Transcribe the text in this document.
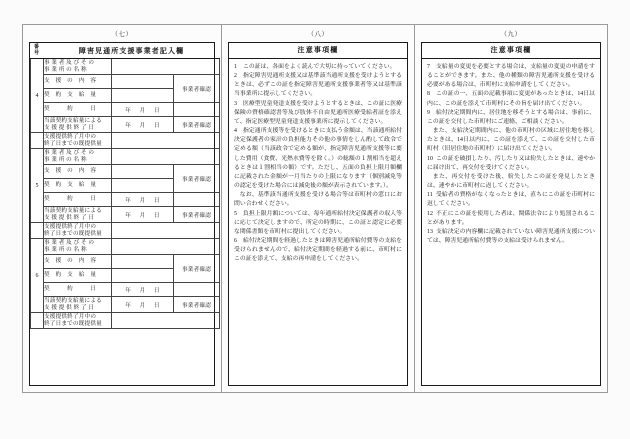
（七）
番
号	障害児通所支援事業者記入欄		
4	事 業 者 及 び そ の
事 業 所 の 名 称		
	支　援　の　内　容		事業者確認
	契　約　支　給　量		
	契　　　約　　　日	年 月 日	

	当該契約支給量による
支 援 提 供 終 了 日	年 月 日	事業者確認
	支援提供終了月中の
終了日までの既提供量		
5	事 業 者 及 び そ の
事 業 所 の 名 称		
	支　援　の　内　容		事業者確認
	契　約　支　給　量		
	契　　　約　　　日	年 月 日	

	当該契約支給量による
支 援 提 供 終 了 日	年 月 日	事業者確認
	支援提供終了月中の
終了日までの既提供量		
6	事 業 者 及 び そ の
事 業 所 の 名 称		
	支　援　の　内　容		事業者確認
	契　約　支　給　量		
	契　　　約　　　日	年 月 日	

	当該契約支給量による
支 援 提 供 終 了 日	年 月 日	事業者確認
	支援提供終了月中の
終了日までの既提供量		
（八）
注意事項欄
1 この証は、各面をよく読んで大切に持っていてください。
2 指定障害児通所支援又は基準該当通所支援を受けようとするときは、必ずこの証を指定障害児通所支援事業者等又は基準該当事業所に提示してください。
3 医療型児童発達支援を受けようとするときは、この証に医療保険の資格確認書等及び肢体不自由児通所医療受給者証を添えて、指定医療型児童発達支援事業所に提示してください。
4 指定通所支援等を受けるときに支払う金額は、当該通所給付決定保護者の家計の負担能力その他の事情をしん酌して政令で定める額（当該政令で定める額が、指定障害児通所支援等に要した費用（食費、光熱水費等を除く。）の総額の１割相当を超えるときは１割相当の額）です。ただし、五面の負担上限月額欄に記載された金額が一月当たりの上限になります（個別減免等の認定を受けた場合には減免後の額が表示されています。）。
なお、基準該当通所支援を受ける場合等は市町村の窓口にお問い合わせください。
5 負担上限月額については、毎年通所給付決定保護者の収入等に応じて決定しますので、所定の時期に、この証と認定に必要な関係書類を市町村に提出してください。
6 給付決定期間を経過したときは障害児通所給付費等の支給を受けられませんので、給付決定期間を経過する前に、市町村にこの証を添えて、支給の再申請をしてください。
（九）
注意事項欄
7 支給量の変更を必要とする場合は、支給量の変更の申請をすることができます。また、他の種類の障害児通所支援を受ける必要がある場合は、市町村に支給申請をしてください。
8 この証の一、五面の記載事項に変更があったときは、14日以内に、この証を添えて市町村にその旨を届け出てください。
9 給付決定期間内に、居住地を移そうとする場合は、事前に、この証を交付した市町村にご連絡、ご相談ください。
また、支給決定期間内に、他の市町村の区域に居住地を移したときは、14日以内に、この証を添えて、この証を交付した市町村（旧居住地の市町村）に届け出てください。
10 この証を破損したり、汚したり又は紛失したときは、速やかに届け出て、再交付を受けてください。
また、再交付を受けた後、紛失したこの証を発見したときは、速やかに市町村に返してください。
11 受給者の資格がなくなったときは、直ちにこの証を市町村に返してください。
12 不正にこの証を使用した者は、関係法令により処罰されることがあります。
13 支給決定の内容欄に記載されていない障害児通所支援については、障害児通所給付費等の支給は受けられません。
